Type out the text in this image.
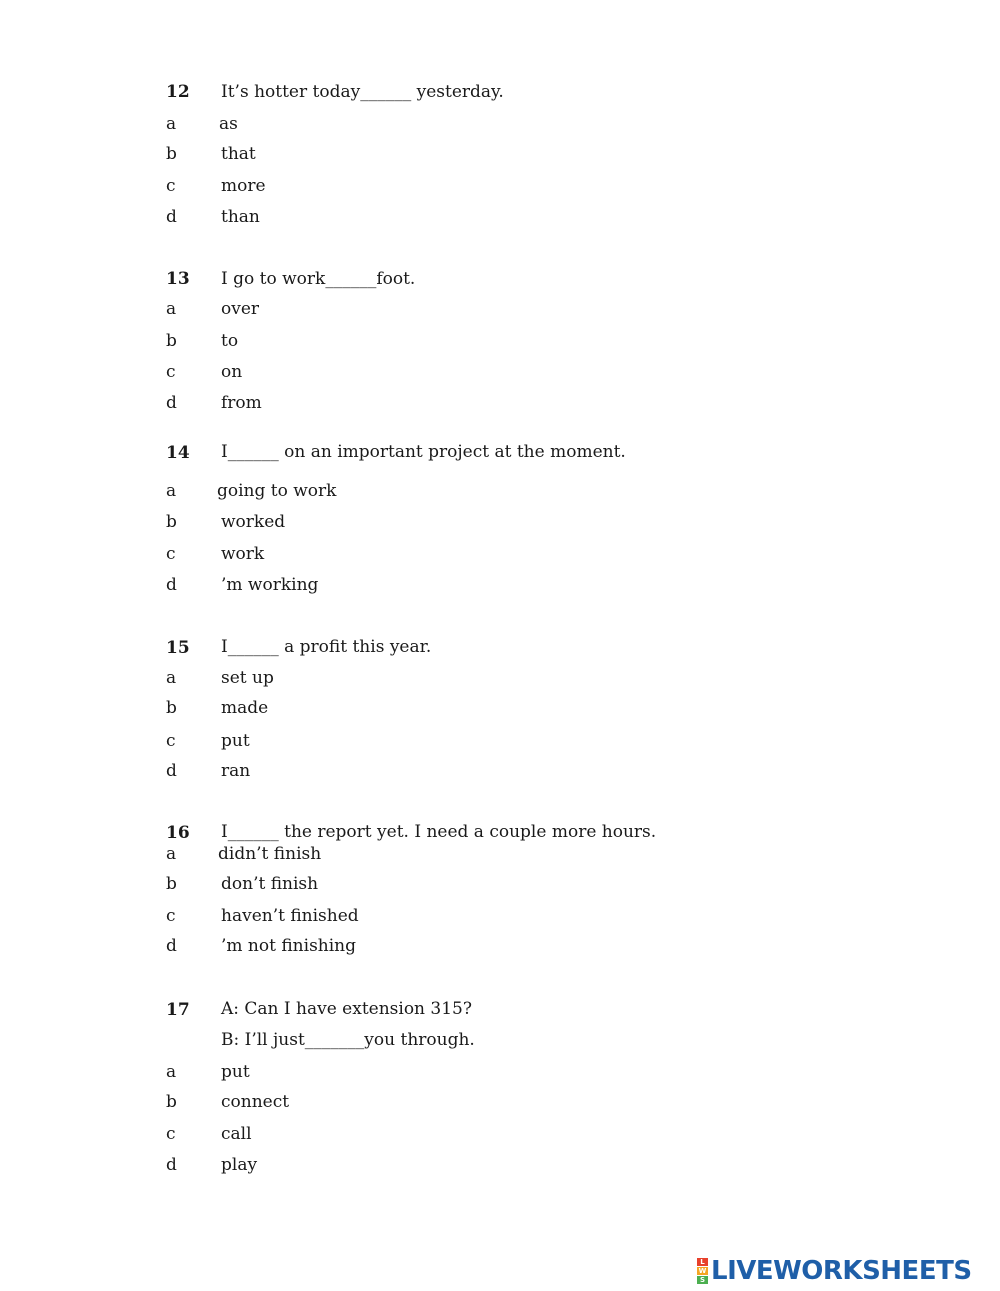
12 It’s hotter today______ yesterday.
a	as
b	that
c	more
d	than
13 I go to work______foot.
a	over
b	to
c	on
d	from
14 I______ on an important project at the moment.
a going to work
b	worked
c	work
d	’m working
15 I______ a profit this year.
a	set up
b	made
c	put
d	ran
16 I______ the report yet. I need a couple more hours.
a didn’t finish
b	don’t finish
c	haven’t finished
d	’m not finishing
17 A: Can I have extension 315?
B: I’ll just_______you through.
a	put
b	connect
c	call
d	play
L
W
S LIVEWORKSHEETS
